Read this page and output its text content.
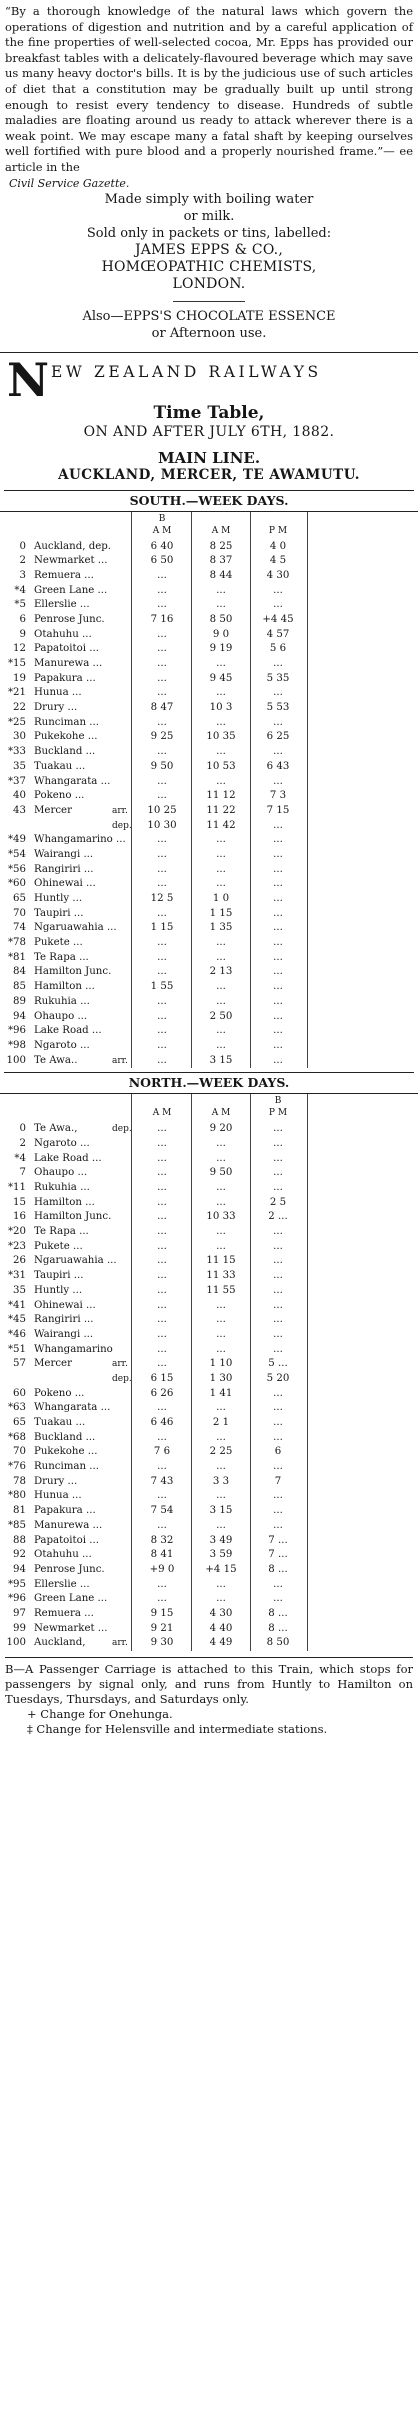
“By a thorough knowledge of the natural laws which govern the operations of digestion and nutrition and by a careful application of the fine properties of well-selected cocoa, Mr. Epps has provided our breakfast tables with a delicately-flavoured beverage which may save us many heavy doctor's bills. It is by the judicious use of such articles of diet that a constitution may be gradually built up until strong enough to resist every tendency to disease. Hundreds of subtle maladies are floating around us ready to attack wherever there is a weak point. We may escape many a fatal shaft by keeping ourselves well fortified with pure blood and a properly nourished frame.”— ee article in the

Civil Service Gazette.

Made simply with boiling water

or milk.

Sold only in packets or tins, labelled:

JAMES EPPS & CO.,

HOMŒOPATHIC CHEMISTS,

LONDON.

Also—EPPS'S CHOCOLATE ESSENCE

or Afternoon use.

N EW ZEALAND RAILWAYS

Time Table,

ON AND AFTER JULY 6TH, 1882.

MAIN LINE.

AUCKLAND, MERCER, TE AWAMUTU.

SOUTH.—WEEK DAYS.

B
A M	A M	P M
0 Auckland, dep.	6 40	8 25	4 0
2 Newmarket ...	6 50	8 37	4 5
3 Remuera ...	...	8 44	4 30
*4 Green Lane ...	...	...	...
*5 Ellerslie ...	...	...	...
6 Penrose Junc.	7 16	8 50	+4 45
9 Otahuhu ...	...	9 0	4 57
12 Papatoitoi ...	...	9 19	5 6
*15 Manurewa ...	...	...	...
19 Papakura ...	...	9 45	5 35
*21 Hunua ...	...	...	...
22 Drury ...	8 47	10 3	5 53
*25 Runciman ...	...	...	...
30 Pukekohe ...	9 25	10 35	6 25
*33 Buckland ...	...	...	...
35 Tuakau ...	9 50	10 53	6 43
*37 Whangarata ...	...	...	...
40 Pokeno ...	...	11 12	7 3
43 Mercer	arr.	10 25	11 22	7 15
dep.	10 30	11 42	...
*49 Whangamarino ...	...	...	...
*54 Wairangi ...	...	...	...
*56 Rangiriri ...	...	...	...
*60 Ohinewai ...	...	...	...
65 Huntly ...	12 5	1 0	...
70 Taupiri ...	...	1 15	...
74 Ngaruawahia ...	1 15	1 35	...
*78 Pukete ...	...	...	...
*81 Te Rapa ...	...	...	...
84 Hamilton Junc.	...	2 13	...
85 Hamilton ...	1 55	...	...
89 Rukuhia ...	...	...	...
94 Ohaupo ...	...	2 50	...
*96 Lake Road ...	...	...	...
*98 Ngaroto ...	...	...	...
100 Te Awa..	arr.	...	3 15	...

NORTH.—WEEK DAYS.

A M	A M
B
P M
0 Te Awa.,	dep.	...	9 20	...
2 Ngaroto ...	...	...	...
*4 Lake Road ...	...	...	...
7 Ohaupo ...	...	9 50	...
*11 Rukuhia ...	...	...	...
15 Hamilton ...	...	...	2 5
16 Hamilton Junc.	...	10 33	2 ...
*20 Te Rapa ...	...	...	...
*23 Pukete ...	...	...	...
26 Ngaruawahia ...	...	11 15	...
*31 Taupiri ...	...	11 33	...
35 Huntly ...	...	11 55	...
*41 Ohinewai ...	...	...	...
*45 Rangiriri ...	...	...	...
*46 Wairangi ...	...	...	...
*51 Whangamarino	...	...	...
57 Mercer	arr.	...	1 10	5 ...
dep.	6 15	1 30	5 20
60 Pokeno ...	6 26	1 41	...
*63 Whangarata ...	...	...	...
65 Tuakau ...	6 46	2 1	...
*68 Buckland ...	...	...	...
70 Pukekohe ...	7 6	2 25	6
*76 Runciman ...	...	...	...
78 Drury ...	7 43	3 3	7
*80 Hunua ...	...	...	...
81 Papakura ...	7 54	3 15	...
*85 Manurewa ...	...	...	...
88 Papatoitoi ...	8 32	3 49	7 ...
92 Otahuhu ...	8 41	3 59	7 ...
94 Penrose Junc.	+9 0	+4 15	8 ...
*95 Ellerslie ...	...	...	...
*96 Green Lane ...	...	...	...
97 Remuera ...	9 15	4 30	8 ...
99 Newmarket ...	9 21	4 40	8 ...
100 Auckland,	arr.	9 30	4 49	8 50

B—A Passenger Carriage is attached to this Train, which stops for passengers by signal only, and runs from Huntly to Hamilton on Tuesdays, Thursdays, and Saturdays only.

+ Change for Onehunga.

‡ Change for Helensville and intermediate stations.
